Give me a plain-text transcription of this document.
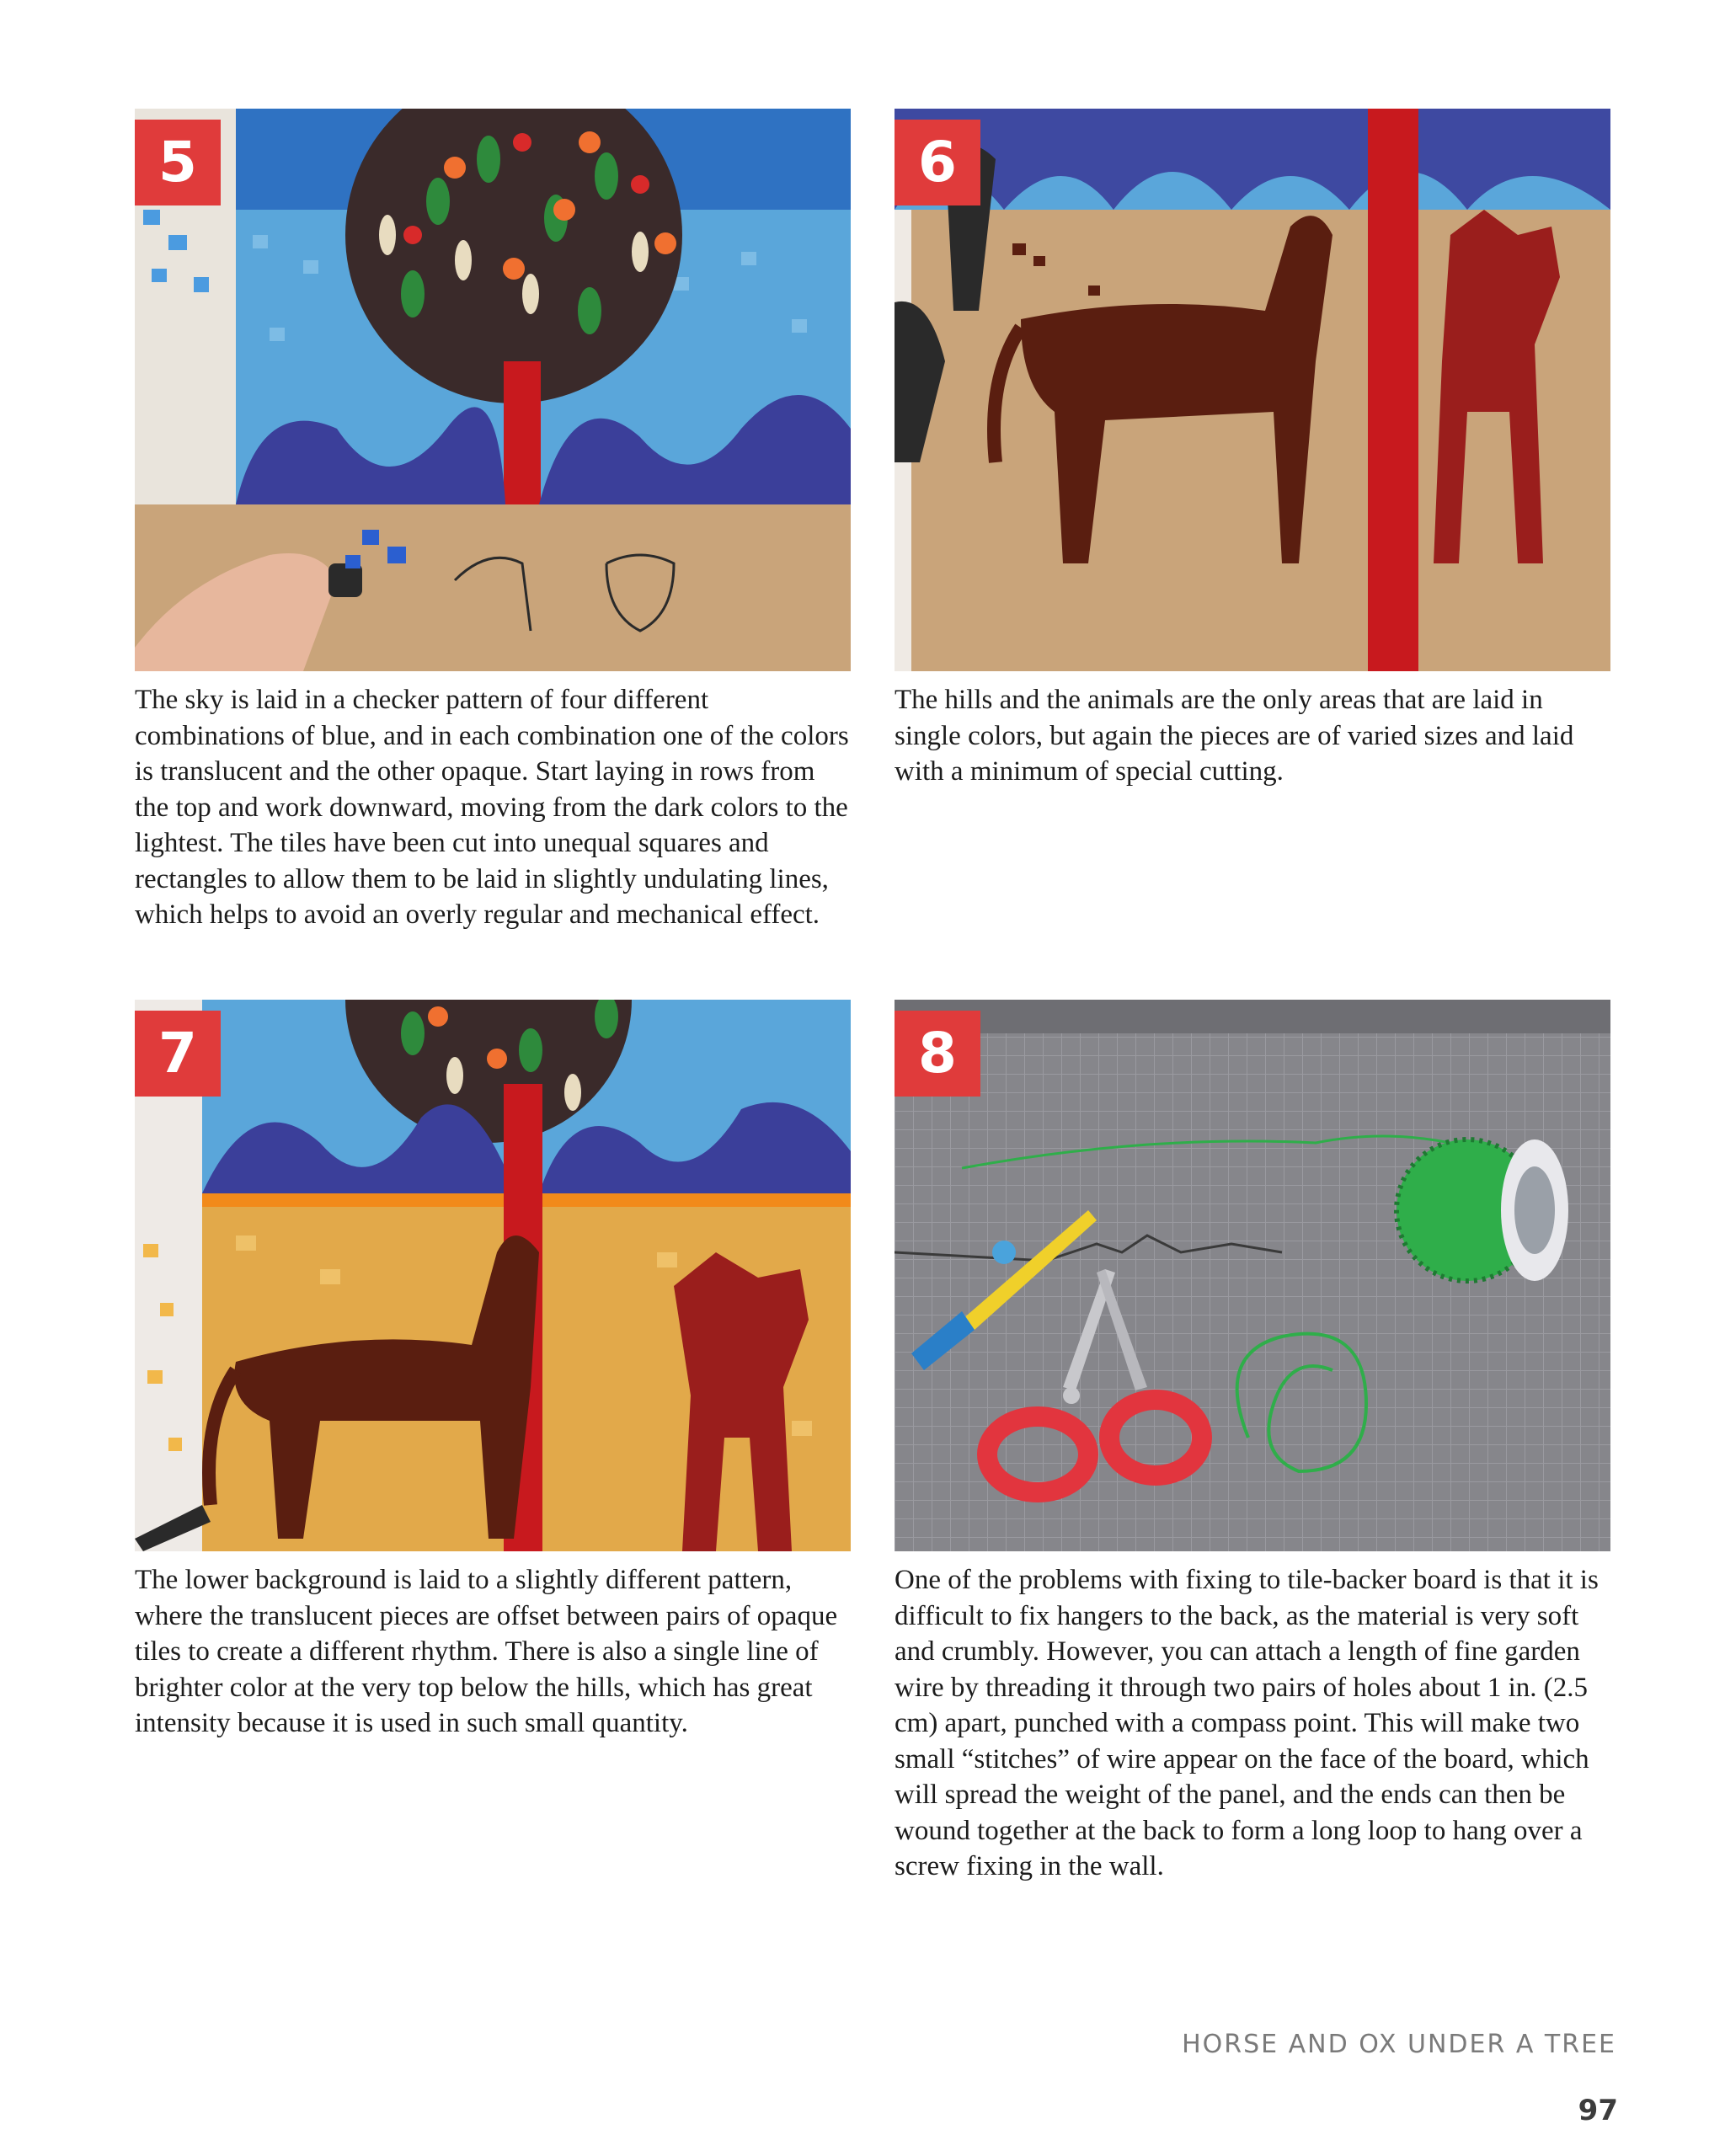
5

The sky is laid in a checker pattern of four different combinations of blue, and in each combination one of the colors is translucent and the other opaque. Start laying in rows from the top and work downward, moving from the dark colors to the lightest. The tiles have been cut into unequal squares and rectangles to allow them to be laid in slightly undulating lines, which helps to avoid an overly regular and mechanical effect.

6

The hills and the animals are the only areas that are laid in single colors, but again the pieces are of varied sizes and laid with a minimum of special cutting.

7

The lower background is laid to a slightly different pattern, where the translucent pieces are offset between pairs of opaque tiles to create a different rhythm. There is also a single line of brighter color at the very top below the hills, which has great intensity because it is used in such small quantity.

8

One of the problems with fixing to tile-backer board is that it is difficult to fix hangers to the back, as the material is very soft and crumbly. However, you can attach a length of fine garden wire by threading it through two pairs of holes about 1 in. (2.5 cm) apart, punched with a compass point. This will make two small “stitches” of wire appear on the face of the board, which will spread the weight of the panel, and the ends can then be wound together at the back to form a long loop to hang over a screw fixing in the wall.

HORSE AND OX UNDER A TREE
97
